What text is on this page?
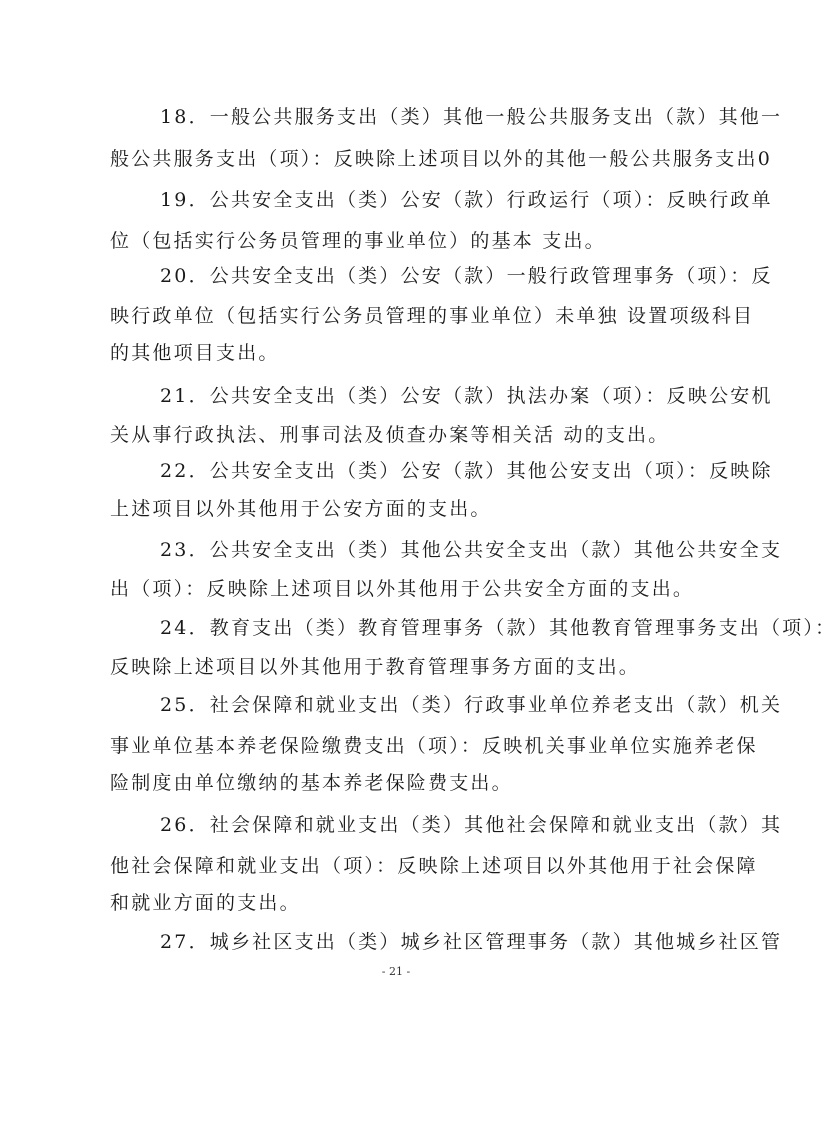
18．一般公共服务支出（类）其他一般公共服务支出（款）其他一
般公共服务支出（项）：反映除上述项目以外的其他一般公共服务支出0
19．公共安全支出（类）公安（款）行政运行（项）：反映行政单
位（包括实行公务员管理的事业单位）的基本 支出。
20．公共安全支出（类）公安（款）一般行政管理事务（项）：反
映行政单位（包括实行公务员管理的事业单位）未单独 设置项级科目
的其他项目支出。
21．公共安全支出（类）公安（款）执法办案（项）：反映公安机
关从事行政执法、刑事司法及侦查办案等相关活 动的支出。
22．公共安全支出（类）公安（款）其他公安支出（项）：反映除
上述项目以外其他用于公安方面的支出。
23．公共安全支出（类）其他公共安全支出（款）其他公共安全支
出（项）：反映除上述项目以外其他用于公共安全方面的支出。
24．教育支出（类）教育管理事务（款）其他教育管理事务支出（项）：
反映除上述项目以外其他用于教育管理事务方面的支出。
25．社会保障和就业支出（类）行政事业单位养老支出（款）机关
事业单位基本养老保险缴费支出（项）：反映机关事业单位实施养老保
险制度由单位缴纳的基本养老保险费支出。
26．社会保障和就业支出（类）其他社会保障和就业支出（款）其
他社会保障和就业支出（项）：反映除上述项目以外其他用于社会保障
和就业方面的支出。
27．城乡社区支出（类）城乡社区管理事务（款）其他城乡社区管
- 21 -
